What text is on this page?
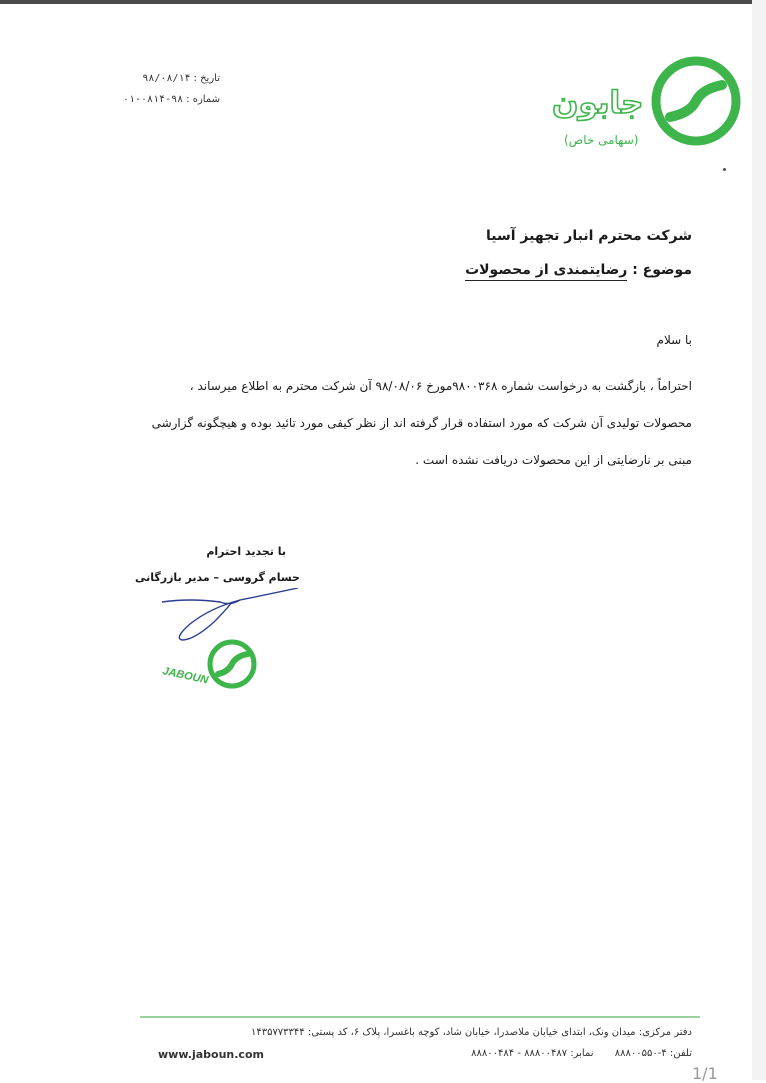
جابون
(سهامی خاص)
تاریخ :۹۸/۰۸/۱۴
شماره :۹۸-۰۸۱۴-۰۱
شرکت محترم انبار تجهیز آسیا
موضوع : رضایتمندی از محصولات
با سلام

احتراماً ، بازگشت به درخواست شماره ۹۸۰۰۳۶۸مورخ ۹۸/۰۸/۰۶ آن شرکت محترم به اطلاع میرساند ،

محصولات تولیدی آن شرکت که مورد استفاده قرار گرفته اند از نظر کیفی مورد تائید بوده و هیچگونه گزارشی

مبنی بر نارضایتی از این محصولات دریافت نشده است .

با تجدید احترام
حسام گروسی – مدیر بازرگانی
JABOUN
دفتر مرکزی: میدان ونک، ابتدای خیابان ملاصدرا، خیابان شاد، کوچه باغسرا، پلاک ۶، کد پستی: ۱۴۳۵۷۷۳۳۴۴
تلفن: ۴-۸۸۸۰۰۵۵۰ نمابر: ۸۸۸۰۰۴۸۷ - ۸۸۸۰۰۴۸۴
www.jaboun.com
1/1
